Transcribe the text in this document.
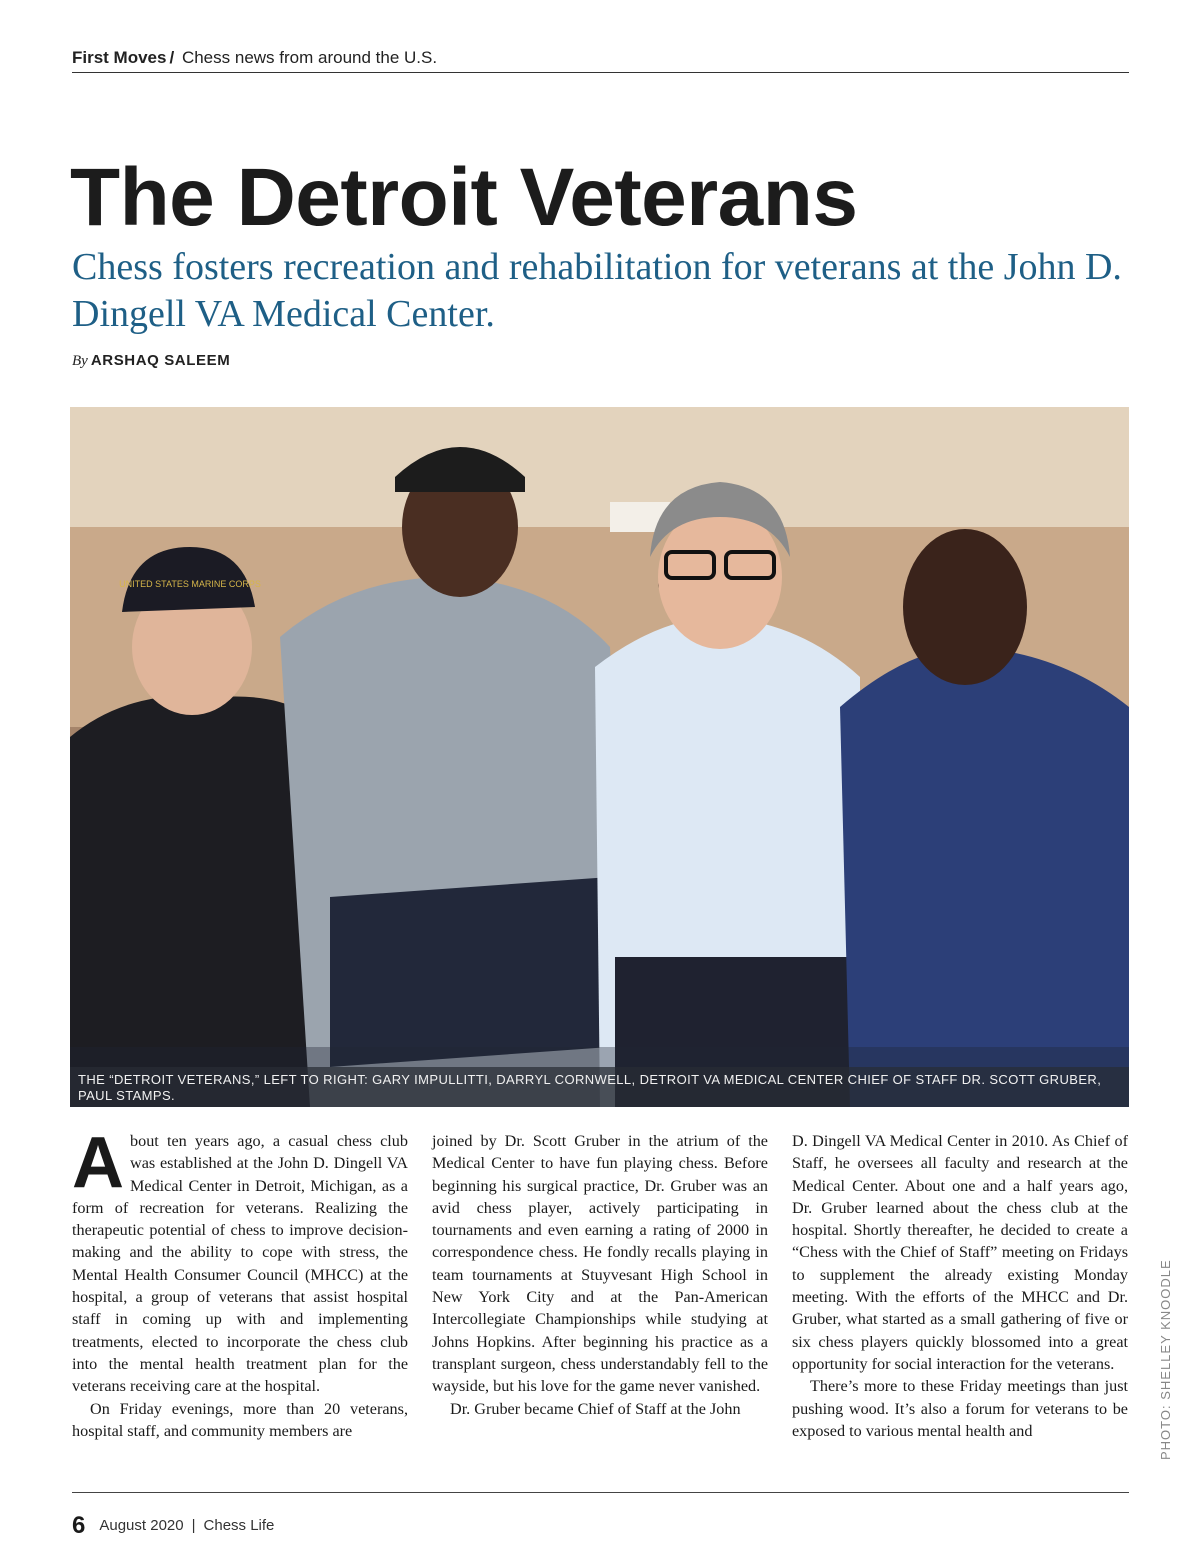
First Moves / Chess news from around the U.S.
The Detroit Veterans

Chess fosters recreation and rehabilitation for veterans at the John D. Dingell VA Medical Center.

By ARSHAQ SALEEM
UNITED STATES MARINE CORPS
THE “DETROIT VETERANS,” LEFT TO RIGHT: GARY IMPULLITTI, DARRYL CORNWELL, DETROIT VA MEDICAL CENTER CHIEF OF STAFF DR. SCOTT GRUBER, PAUL STAMPS.

About ten years ago, a casual chess club was established at the John D. Dingell VA Medical Center in Detroit, Michigan, as a form of recreation for veterans. Realizing the therapeutic potential of chess to improve decision-making and the ability to cope with stress, the Mental Health Consumer Council (MHCC) at the hospital, a group of veterans that assist hospital staff in coming up with and implementing treatments, elected to incorporate the chess club into the mental health treatment plan for the veterans receiving care at the hospital.

On Friday evenings, more than 20 veterans, hospital staff, and community members are

joined by Dr. Scott Gruber in the atrium of the Medical Center to have fun playing chess. Before beginning his surgical practice, Dr. Gruber was an avid chess player, actively participating in tournaments and even earning a rating of 2000 in correspondence chess. He fondly recalls playing in team tournaments at Stuyvesant High School in New York City and at the Pan-American Intercollegiate Championships while studying at Johns Hopkins. After beginning his practice as a transplant surgeon, chess understandably fell to the wayside, but his love for the game never vanished.

Dr. Gruber became Chief of Staff at the John

D. Dingell VA Medical Center in 2010. As Chief of Staff, he oversees all faculty and research at the Medical Center. About one and a half years ago, Dr. Gruber learned about the chess club at the hospital. Shortly thereafter, he decided to create a “Chess with the Chief of Staff” meeting on Fridays to supplement the already existing Monday meeting. With the efforts of the MHCC and Dr. Gruber, what started as a small gathering of five or six chess players quickly blossomed into a great opportunity for social interaction for the veterans.

There’s more to these Friday meetings than just pushing wood. It’s also a forum for veterans to be exposed to various mental health and	PHOTO: SHELLEY KNOODLE
6 August 2020 | Chess Life
